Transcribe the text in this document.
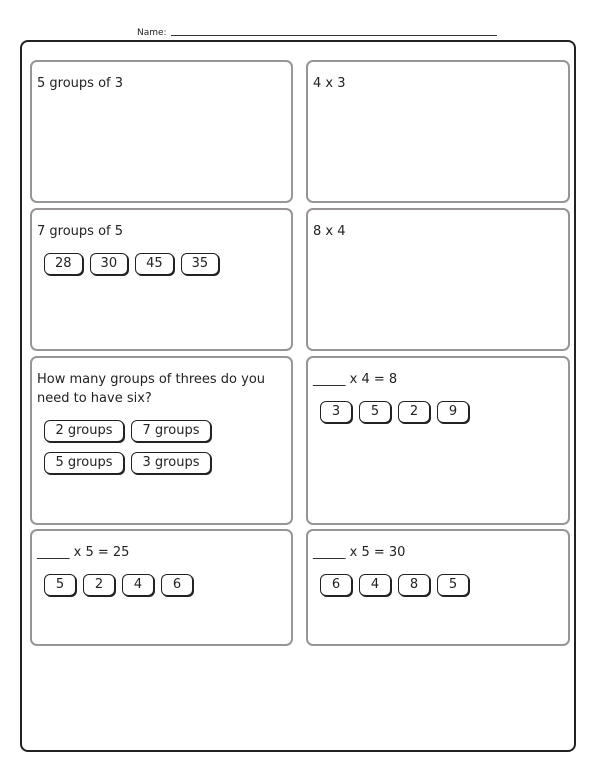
Name:
5 groups of 3	4 x 3
7 groups of 5
28	30	45	35
8 x 4
How many groups of threes do you need to have six?
2 groups	7 groups
5 groups	3 groups
_____ x 4 = 8
3	5	2	9
_____ x 5 = 25
5	2	4	6
_____ x 5 = 30
6	4	8	5
